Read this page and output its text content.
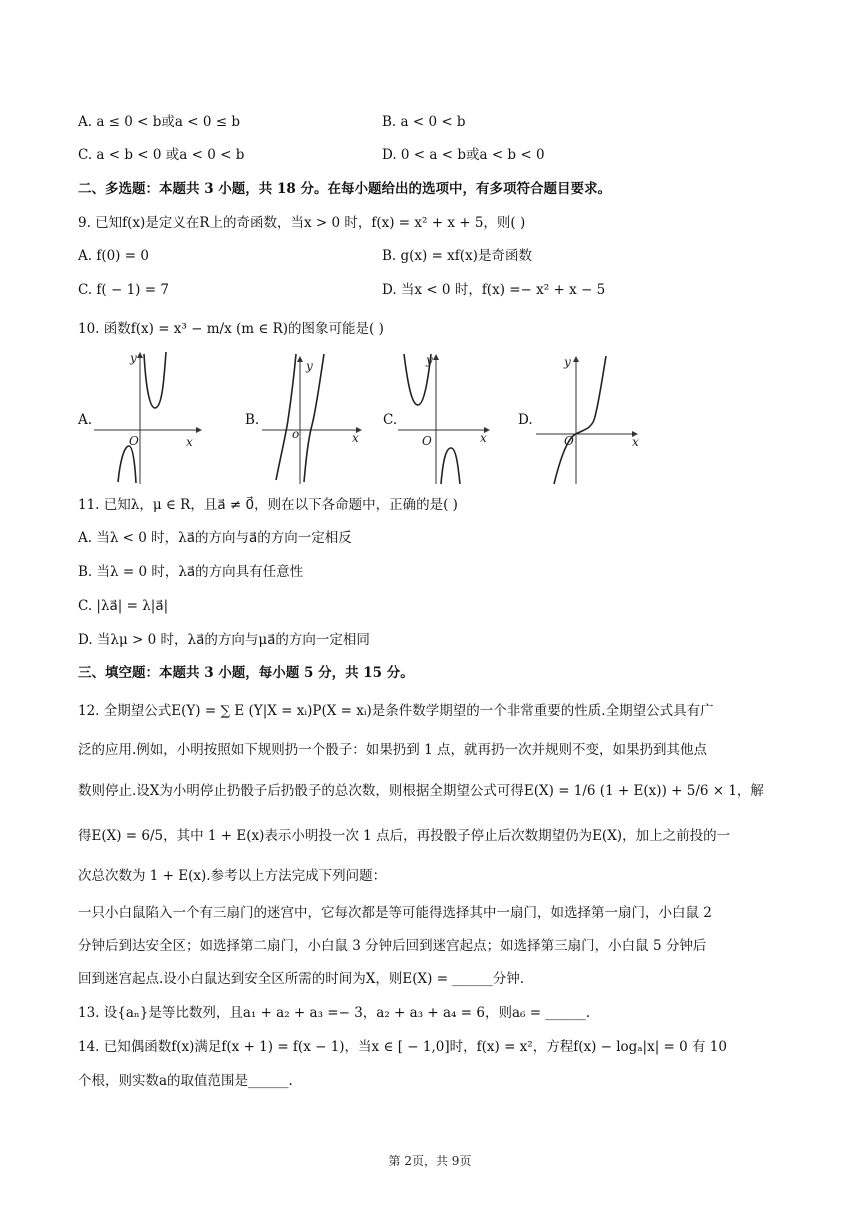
A. a ≤ 0 < b或a < 0 ≤ b	B. a < 0 < b
C. a < b < 0 或a < 0 < b	D. 0 < a < b或a < b < 0
二、多选题：本题共 3 小题，共 18 分。在每小题给出的选项中，有多项符合题目要求。
9. 已知f(x)是定义在R上的奇函数，当x > 0 时，f(x) = x² + x + 5，则( )
A. f(0) = 0	B. g(x) = xf(x)是奇函数
C. f( − 1) = 7	D. 当x < 0 时，f(x) =− x² + x − 5
10. 函数f(x) = x³ − m/x (m ∈ R)的图象可能是( )
A.
y
x
O
B.
y
x
o
C.
y
x
O
D.
y
x
O
11. 已知λ，μ ∈ R，且a⃗ ≠ 0⃗，则在以下各命题中，正确的是( )
A. 当λ < 0 时，λa⃗的方向与a⃗的方向一定相反
B. 当λ = 0 时，λa⃗的方向具有任意性
C. |λa⃗| = λ|a⃗|
D. 当λμ > 0 时，λa⃗的方向与μa⃗的方向一定相同
三、填空题：本题共 3 小题，每小题 5 分，共 15 分。
12. 全期望公式E(Y) = ∑ E (Y|X = xᵢ)P(X = xᵢ)是条件数学期望的一个非常重要的性质.全期望公式具有广
泛的应用.例如，小明按照如下规则扔一个骰子：如果扔到 1 点，就再扔一次并规则不变，如果扔到其他点
数则停止.设X为小明停止扔骰子后扔骰子的总次数，则根据全期望公式可得E(X) = 1/6 (1 + E(x)) + 5/6 × 1，解
得E(X) = 6/5，其中 1 + E(x)表示小明投一次 1 点后，再投骰子停止后次数期望仍为E(X)，加上之前投的一
次总次数为 1 + E(x).参考以上方法完成下列问题：
一只小白鼠陷入一个有三扇门的迷宫中，它每次都是等可能得选择其中一扇门，如选择第一扇门，小白鼠 2
分钟后到达安全区；如选择第二扇门，小白鼠 3 分钟后回到迷宫起点；如选择第三扇门，小白鼠 5 分钟后
回到迷宫起点.设小白鼠达到安全区所需的时间为X，则E(X) = ______分钟.
13. 设{aₙ}是等比数列，且a₁ + a₂ + a₃ =− 3，a₂ + a₃ + a₄ = 6，则a₆ = ______.
14. 已知偶函数f(x)满足f(x + 1) = f(x − 1)，当x ∈ [ − 1,0]时，f(x) = x²，方程f(x) − logₐ|x| = 0 有 10
个根，则实数a的取值范围是______.
第 2页，共 9页
